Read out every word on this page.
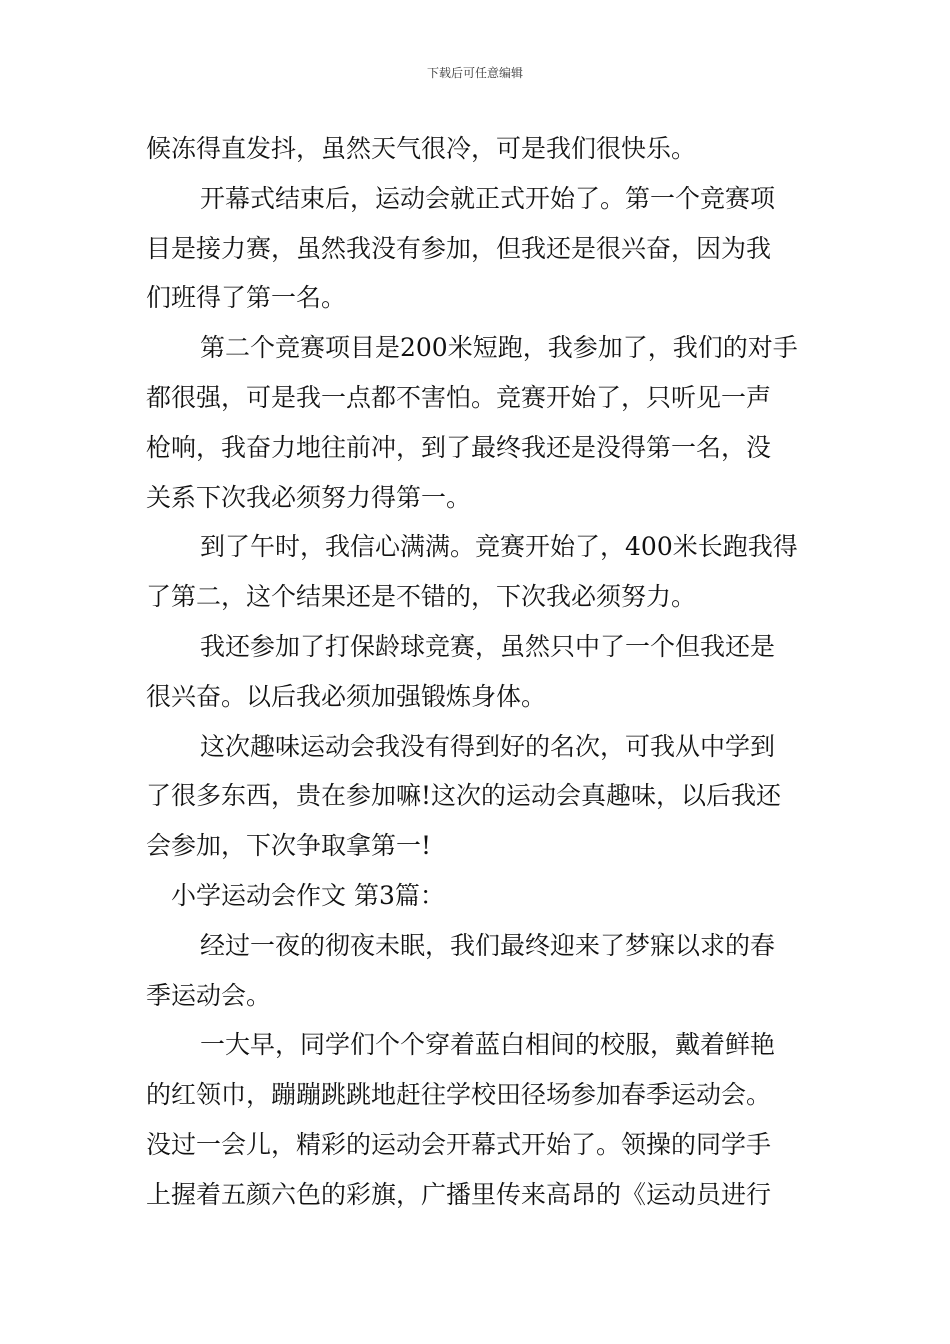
下载后可任意编辑
候冻得直发抖，虽然天气很冷，可是我们很快乐。
开幕式结束后，运动会就正式开始了。第一个竞赛项
目是接力赛，虽然我没有参加，但我还是很兴奋，因为我
们班得了第一名。
第二个竞赛项目是200米短跑，我参加了，我们的对手
都很强，可是我一点都不害怕。竞赛开始了，只听见一声
枪响，我奋力地往前冲，到了最终我还是没得第一名，没
关系下次我必须努力得第一。
到了午时，我信心满满。竞赛开始了，400米长跑我得
了第二，这个结果还是不错的，下次我必须努力。
我还参加了打保龄球竞赛，虽然只中了一个但我还是
很兴奋。以后我必须加强锻炼身体。
这次趣味运动会我没有得到好的名次，可我从中学到
了很多东西，贵在参加嘛!这次的运动会真趣味，以后我还
会参加，下次争取拿第一!
小学运动会作文 第3篇：
经过一夜的彻夜未眠，我们最终迎来了梦寐以求的春
季运动会。
一大早，同学们个个穿着蓝白相间的校服，戴着鲜艳
的红领巾，蹦蹦跳跳地赶往学校田径场参加春季运动会。
没过一会儿，精彩的运动会开幕式开始了。领操的同学手
上握着五颜六色的彩旗，广播里传来高昂的《运动员进行
